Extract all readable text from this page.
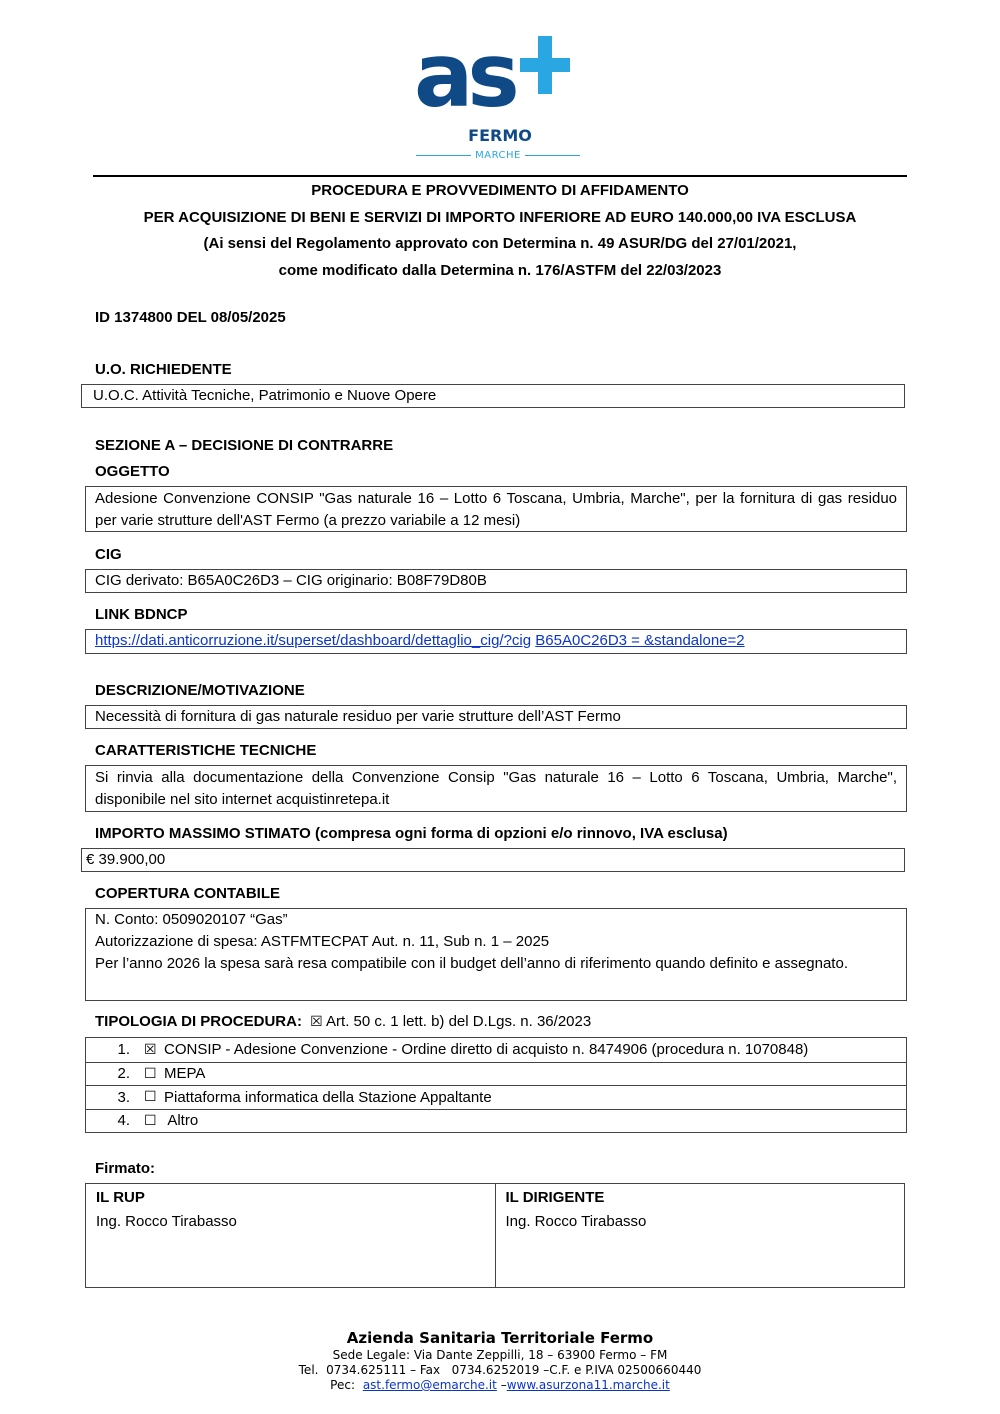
as
FERMO
MARCHE
PROCEDURA E PROVVEDIMENTO DI AFFIDAMENTO
PER ACQUISIZIONE DI BENI E SERVIZI DI IMPORTO INFERIORE AD EURO 140.000,00 IVA ESCLUSA
(Ai sensi del Regolamento approvato con Determina n. 49 ASUR/DG del 27/01/2021,
come modificato dalla Determina n. 176/ASTFM del 22/03/2023
ID 1374800 DEL 08/05/2025
U.O. RICHIEDENTE
U.O.C. Attività Tecniche, Patrimonio e Nuove Opere
SEZIONE A – DECISIONE DI CONTRARRE
OGGETTO
Adesione Convenzione CONSIP "Gas naturale 16 – Lotto 6 Toscana, Umbria, Marche", per la fornitura di gas residuo per varie strutture dell'AST Fermo (a prezzo variabile a 12 mesi)
CIG
CIG derivato: B65A0C26D3 – CIG originario: B08F79D80B
LINK BDNCP
https://dati.anticorruzione.it/superset/dashboard/dettaglio_cig/?cig B65A0C26D3 = &standalone=2
DESCRIZIONE/MOTIVAZIONE
Necessità di fornitura di gas naturale residuo per varie strutture dell’AST Fermo
CARATTERISTICHE TECNICHE
Si rinvia alla documentazione della Convenzione Consip "Gas naturale 16 – Lotto 6 Toscana, Umbria, Marche", disponibile nel sito internet acquistinretepa.it
IMPORTO MASSIMO STIMATO (compresa ogni forma di opzioni e/o rinnovo, IVA esclusa)
€ 39.900,00
COPERTURA CONTABILE
N. Conto: 0509020107 “Gas”
Autorizzazione di spesa: ASTFMTECPAT Aut. n. 11, Sub n. 1 – 2025
Per l’anno 2026 la spesa sarà resa compatibile con il budget dell’anno di riferimento quando definito e assegnato.
TIPOLOGIA DI PROCEDURA: ☒ Art. 50 c. 1 lett. b) del D.Lgs. n. 36/2023
1.	☒ CONSIP - Adesione Convenzione - Ordine diretto di acquisto n. 8474906 (procedura n. 1070848)
2.	☐ MEPA
3.	☐ Piattaforma informatica della Stazione Appaltante
4.	☐ Altro
Firmato:
IL RUP
Ing. Rocco Tirabasso
IL DIRIGENTE
Ing. Rocco Tirabasso
Azienda Sanitaria Territoriale Fermo
Sede Legale: Via Dante Zeppilli, 18 – 63900 Fermo – FM
Tel.  0734.625111 – Fax   0734.6252019 –C.F. e P.IVA 02500660440
Pec: ast.fermo@emarche.it –www.asurzona11.marche.it
